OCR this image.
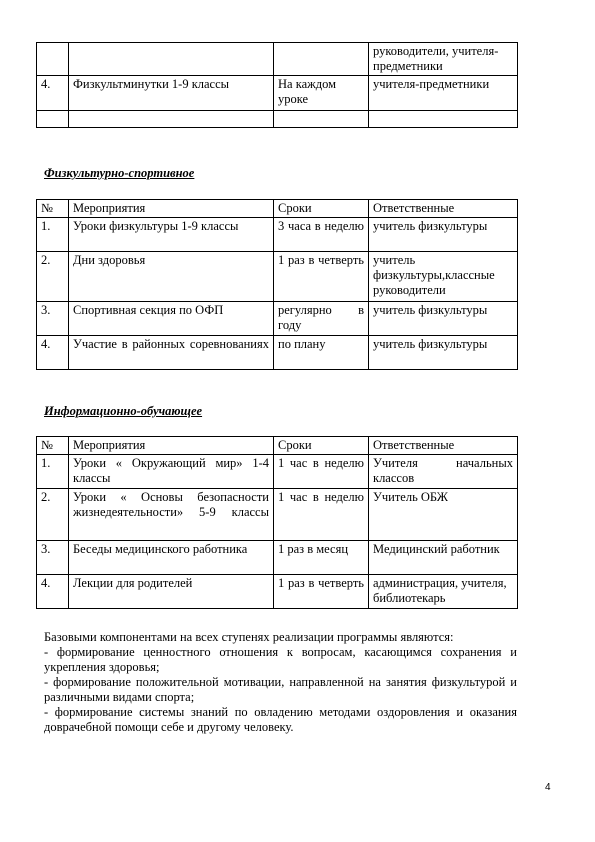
			руководители, учителя-предметники
4.	Физкультминутки 1-9 классы	На каждом уроке	учителя-предметники

Физкультурно-спортивное
№	Мероприятия	Сроки	Ответственные
1.	Уроки физкультуры 1-9 классы	3 часа в неделю	учитель физкультуры
2.	Дни здоровья	1 раз в четверть	учитель физкультуры,классные руководители
3.	Спортивная секция по ОФП	регулярно в году	учитель физкультуры
4.	Участие в районных соревнованиях	по плану	учитель физкультуры
Информационно-обучающее
№	Мероприятия	Сроки	Ответственные
1.	Уроки « Окружающий мир» 1-4 классы	1 час в неделю	Учителя начальных классов
2.	Уроки « Основы безопасности жизнедеятельности» 5-9 классы	1 час в неделю	Учитель ОБЖ
3.	Беседы медицинского работника	1 раз в месяц	Медицинский работник
4.	Лекции для родителей	1 раз в четверть	администрация, учителя, библиотекарь

Базовыми компонентами на всех ступенях реализации программы являются:

- формирование ценностного отношения к вопросам, касающимся сохранения и укрепления здоровья;

- формирование положительной мотивации, направленной на занятия физкультурой и различными видами спорта;

- формирование системы знаний по овладению методами оздоровления и оказания доврачебной помощи себе и другому человеку.

4
